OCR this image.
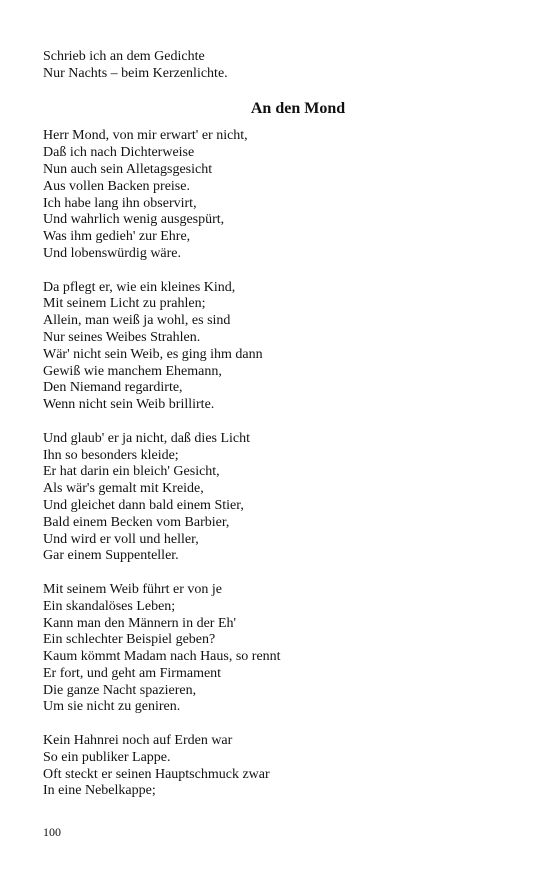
Schrieb ich an dem Gedichte
Nur Nachts – beim Kerzenlichte.
An den Mond
Herr Mond, von mir erwart' er nicht,
Daß ich nach Dichterweise
Nun auch sein Alletagsgesicht
Aus vollen Backen preise.
Ich habe lang ihn observirt,
Und wahrlich wenig ausgespürt,
Was ihm gedieh' zur Ehre,
Und lobenswürdig wäre.
Da pflegt er, wie ein kleines Kind,
Mit seinem Licht zu prahlen;
Allein, man weiß ja wohl, es sind
Nur seines Weibes Strahlen.
Wär' nicht sein Weib, es ging ihm dann
Gewiß wie manchem Ehemann,
Den Niemand regardirte,
Wenn nicht sein Weib brillirte.
Und glaub' er ja nicht, daß dies Licht
Ihn so besonders kleide;
Er hat darin ein bleich' Gesicht,
Als wär's gemalt mit Kreide,
Und gleichet dann bald einem Stier,
Bald einem Becken vom Barbier,
Und wird er voll und heller,
Gar einem Suppenteller.
Mit seinem Weib führt er von je
Ein skandalöses Leben;
Kann man den Männern in der Eh'
Ein schlechter Beispiel geben?
Kaum kömmt Madam nach Haus, so rennt
Er fort, und geht am Firmament
Die ganze Nacht spazieren,
Um sie nicht zu geniren.
Kein Hahnrei noch auf Erden war
So ein publiker Lappe.
Oft steckt er seinen Hauptschmuck zwar
In eine Nebelkappe;
100
